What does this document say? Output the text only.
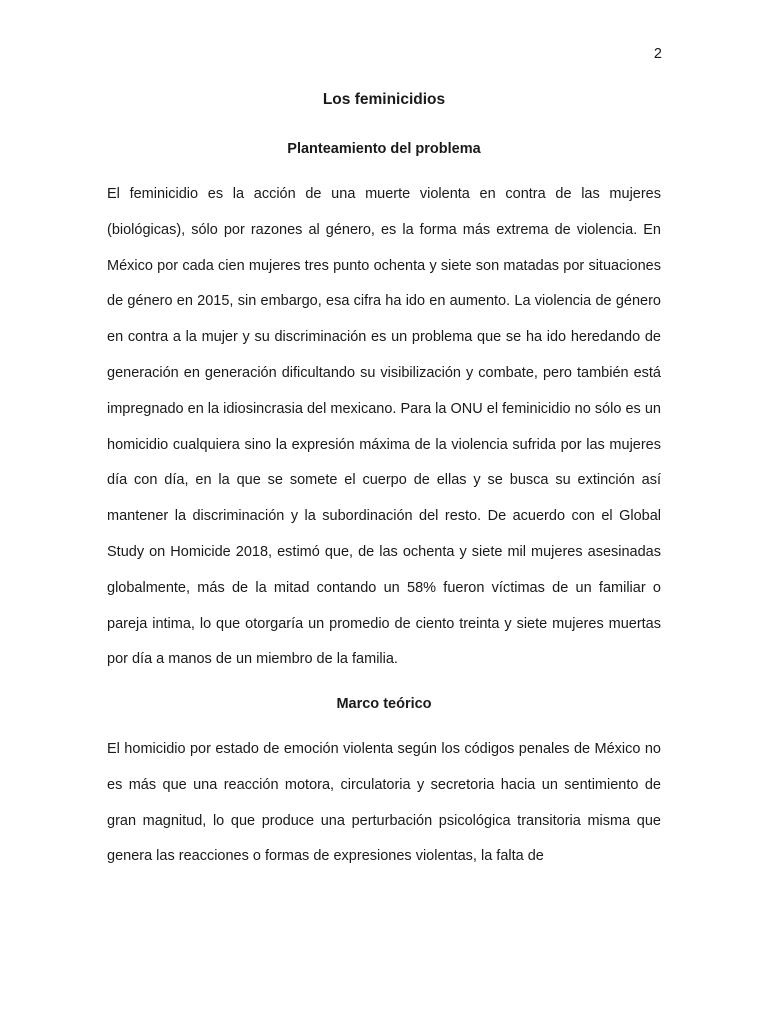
2
Los feminicidios
Planteamiento del problema

El feminicidio es la acción de una muerte violenta en contra de las mujeres (biológicas), sólo por razones al género, es la forma más extrema de violencia. En México por cada cien mujeres tres punto ochenta y siete son matadas por situaciones de género en 2015, sin embargo, esa cifra ha ido en aumento. La violencia de género en contra a la mujer y su discriminación es un problema que se ha ido heredando de generación en generación dificultando su visibilización y combate, pero también está impregnado en la idiosincrasia del mexicano. Para la ONU el feminicidio no sólo es un homicidio cualquiera sino la expresión máxima de la violencia sufrida por las mujeres día con día, en la que se somete el cuerpo de ellas y se busca su extinción así mantener la discriminación y la subordinación del resto. De acuerdo con el Global Study on Homicide 2018, estimó que, de las ochenta y siete mil mujeres asesinadas globalmente, más de la mitad contando un 58% fueron víctimas de un familiar o pareja intima, lo que otorgaría un promedio de ciento treinta y siete mujeres muertas por día a manos de un miembro de la familia.

Marco teórico

El homicidio por estado de emoción violenta según los códigos penales de México no es más que una reacción motora, circulatoria y secretoria hacia un sentimiento de gran magnitud, lo que produce una perturbación psicológica transitoria misma que genera las reacciones o formas de expresiones violentas, la falta de
